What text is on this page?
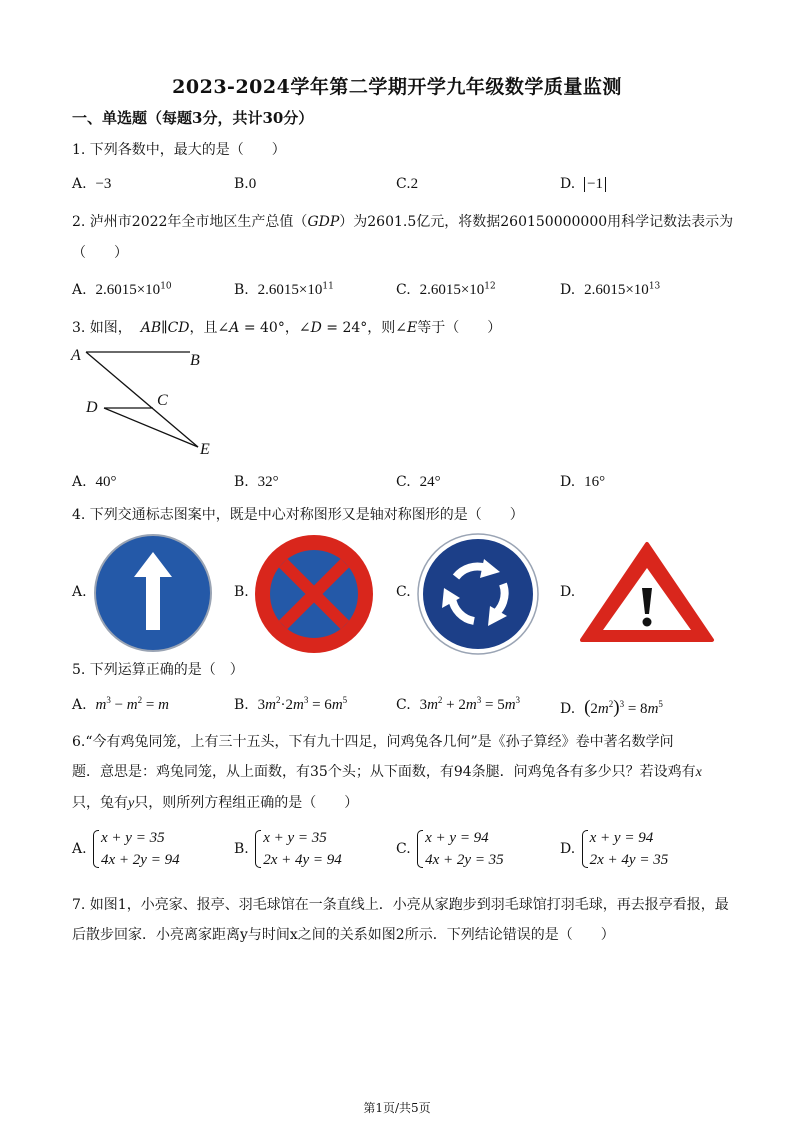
2023-2024学年第二学期开学九年级数学质量监测
一、单选题（每题3分，共计30分）
1. 下列各数中，最大的是（　　）
A. −3	B.0	C.2	D. −1
2. 泸州市2022年全市地区生产总值（GDP）为2601.5亿元，将数据260150000000用科学记数法表示为
（　　）
A. $2.6015\times 10^{10}$	B. $2.6015\times 10^{11}$	C. $2.6015\times 10^{12}$	D. $2.6015\times 10^{13}$
3. 如图， AB∥CD，且∠A = 40°，∠D = 24°，则∠E等于（　　）
A	B
C
D
E
A. 40°	B. 32°	C. 24°	D. 16°
4. 下列交通标志图案中，既是中心对称图形又是轴对称图形的是（　　）
A.	B.	C.	D.
5. 下列运算正确的是（　）
A. $m^3 - m^2 = m$	B. $3m^2\cdot 2m^3 = 6m^5$	C. $3m^2 + 2m^3 = 5m^3$
D. $(2m^2)^3 = 8m^5$
6.“今有鸡兔同笼，上有三十五头，下有九十四足，问鸡兔各几何”是《孙子算经》卷中著名数学问
题．意思是：鸡兔同笼，从上面数，有35个头；从下面数，有94条腿．问鸡兔各有多少只？若设鸡有x
只，兔有y只，则所列方程组正确的是（　　）
A.
x + y = 35
4x + 2y = 94
B.
x + y = 35
2x + 4y = 94
C.
x + y = 94
4x + 2y = 35
D.
x + y = 94
2x + 4y = 35
7. 如图1，小亮家、报亭、羽毛球馆在一条直线上．小亮从家跑步到羽毛球馆打羽毛球，再去报亭看报，最
后散步回家．小亮离家距离y与时间x之间的关系如图2所示．下列结论错误的是（　　）
第1页/共5页
